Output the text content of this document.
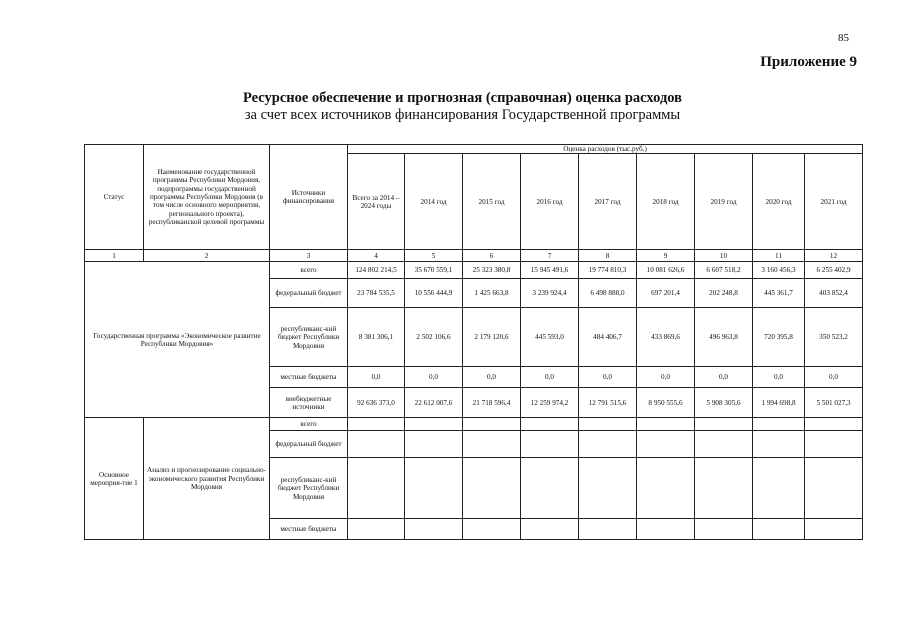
85
Приложение 9
Ресурсное обеспечение и прогнозная (справочная) оценка расходов
за счет всех источников финансирования Государственной программы
Статус	Наименование государственной программы Республики Мордовия, подпрограммы государственной программы Республики Мордовия (в том числе основного мероприятия, регионального проекта), республиканской целевой программы	Источники финансирования	Оценка расходов (тыс.руб.)								
			Всего за 2014 – 2024 годы	2014 год	2015 год	2016 год	2017 год	2018 год	2019 год	2020 год	2021 год
1	2	3	4	5	6	7	8	9	10	11	12
Государственная программа «Экономическое развитие Республики Мордовия»		всего	124 802 214,5	35 670 559,1	25 323 380,8	15 945 491,6	19 774 810,3	10 081 626,6	6 607 518,2	3 160 456,3	6 255 402,9
		федеральный бюджет	23 784 535,5	10 556 444,9	1 425 663,8	3 239 924,4	6 498 888,0	697 201,4	202 248,8	445 361,7	403 852,4
		республиканс-кий бюджет Республики Мордовия	8 381 306,1	2 502 106,6	2 179 120,6	445 593,0	484 406,7	433 869,6	496 963,8	720 395,8	350 523,2
		местные бюджеты	0,0	0,0	0,0	0,0	0,0	0,0	0,0	0,0	0,0
		внебюджетные источники	92 636 373,0	22 612 007,6	21 718 596,4	12 259 974,2	12 791 515,6	8 950 555,6	5 908 305,6	1 994 698,8	5 501 027,3
Основное мероприя-тие 1	Анализ и прогнозирование социально-экономического развития Республики Мордовия	всего									
		федеральный бюджет									
		республиканс-кий бюджет Республики Мордовия									
		местные бюджеты									
